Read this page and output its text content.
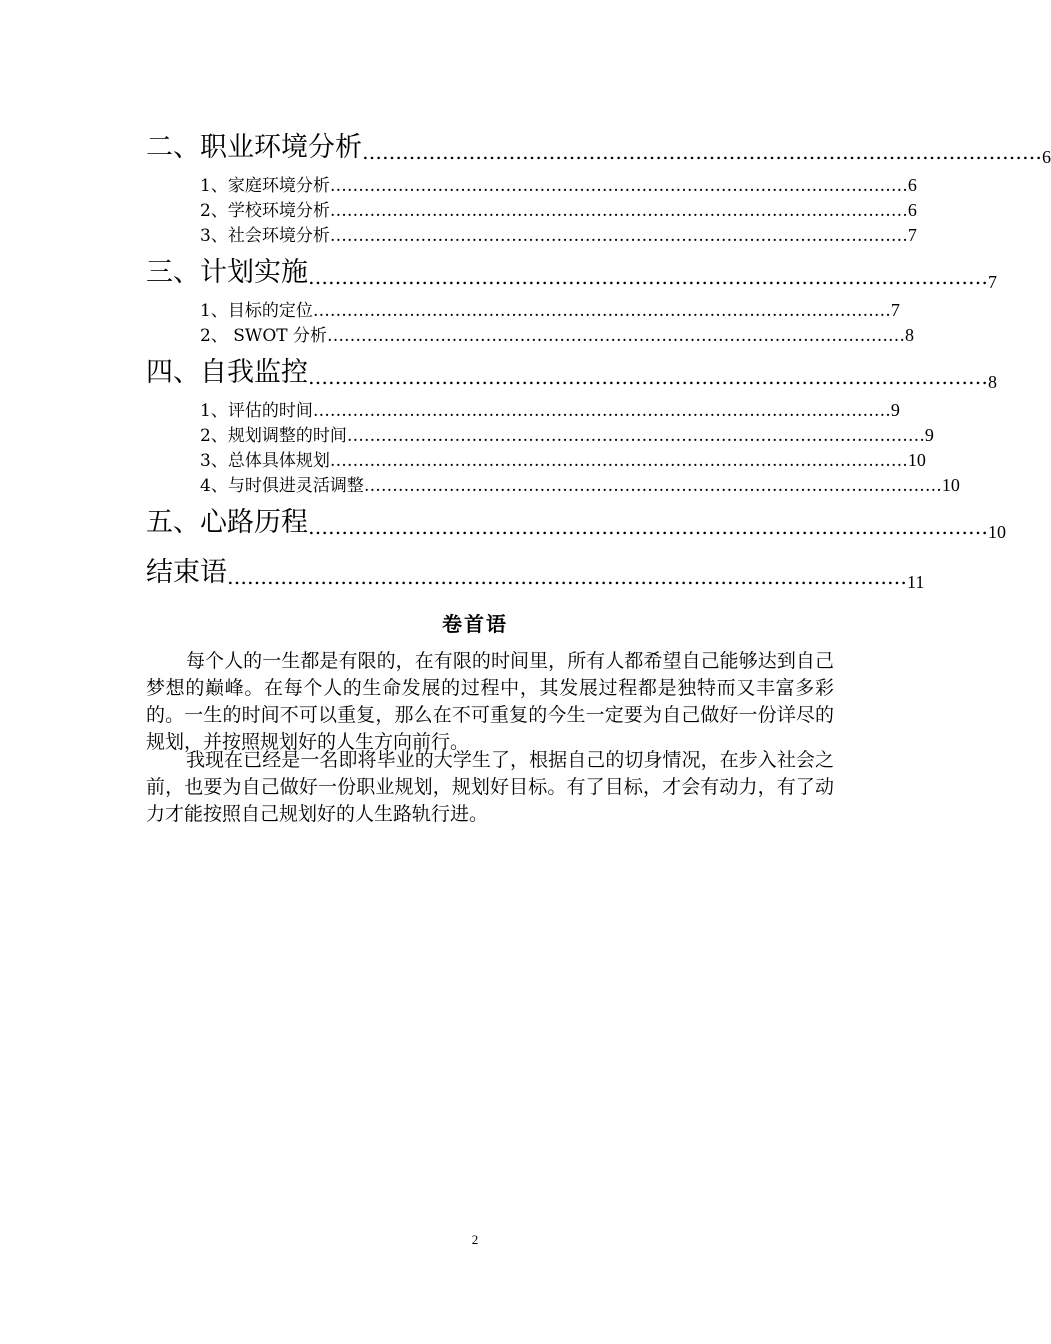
二、职业环境分析 ………………………………………………………………………………………… 6
1、家庭环境分析 ………………………………………………………………………………………… 6
2、学校环境分析 ………………………………………………………………………………………… 6
3、社会环境分析 ………………………………………………………………………………………… 7
三、计划实施 ………………………………………………………………………………………… 7
1、目标的定位 ………………………………………………………………………………………… 7
2、 SWOT 分析 ………………………………………………………………………………………… 8
四、自我监控 ………………………………………………………………………………………… 8
1、评估的时间 ………………………………………………………………………………………… 9
2、规划调整的时间 ………………………………………………………………………………………… 9
3、总体具体规划 ………………………………………………………………………………………… 10
4、与时俱进灵活调整 ………………………………………………………………………………………… 10
五、心路历程 ………………………………………………………………………………………… 10
结束语 ………………………………………………………………………………………… 11
卷首语

每个人的一生都是有限的，在有限的时间里，所有人都希望自己能够达到自己梦想的巅峰。在每个人的生命发展的过程中，其发展过程都是独特而又丰富多彩的。一生的时间不可以重复，那么在不可重复的今生一定要为自己做好一份详尽的规划，并按照规划好的人生方向前行。

我现在已经是一名即将毕业的大学生了，根据自己的切身情况，在步入社会之前，也要为自己做好一份职业规划，规划好目标。有了目标，才会有动力，有了动力才能按照自己规划好的人生路轨行进。

2
